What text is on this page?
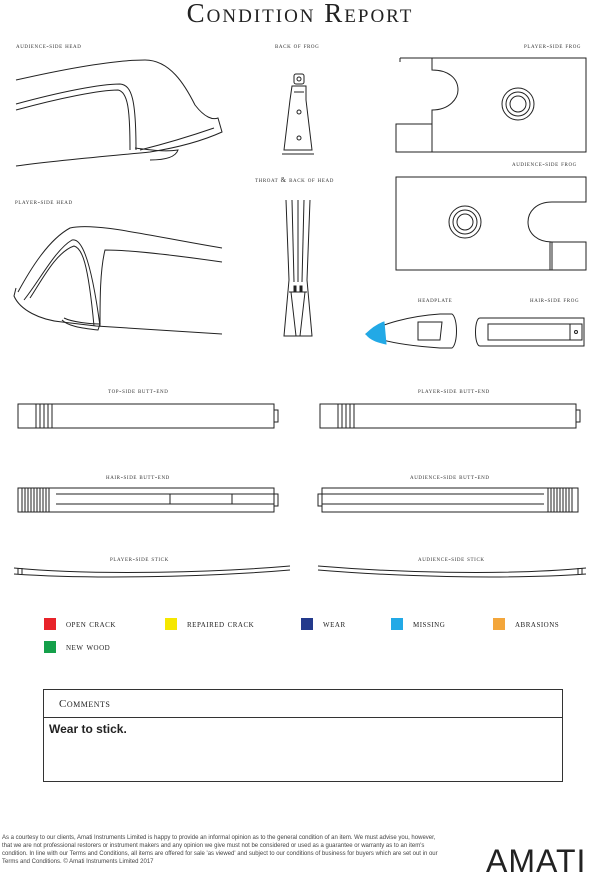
Condition Report
audience-side head	back of frog	player-side frog
audience-side frog
throat & back of head
player-side head
headplate	hair-side frog
top-side butt-end	player-side butt-end
hair-side butt-end	audience-side butt-end
player-side stick	audience-side stick
open crack	repaired crack	wear	missing	abrasions
new wood
Comments
Wear to stick.
As a courtesy to our clients, Amati Instruments Limited is happy to provide an informal opinion as to the general condition of an item. We must advise you, however, that we are not professional restorers or instrument makers and any opinion we give must not be considered or used as a guarantee or warranty as to an item's condition. In line with our Terms and Conditions, all items are offered for sale 'as viewed' and subject to our conditions of business for buyers which are set out in our Terms and Conditions. © Amati Instruments Limited 2017	AMATI
